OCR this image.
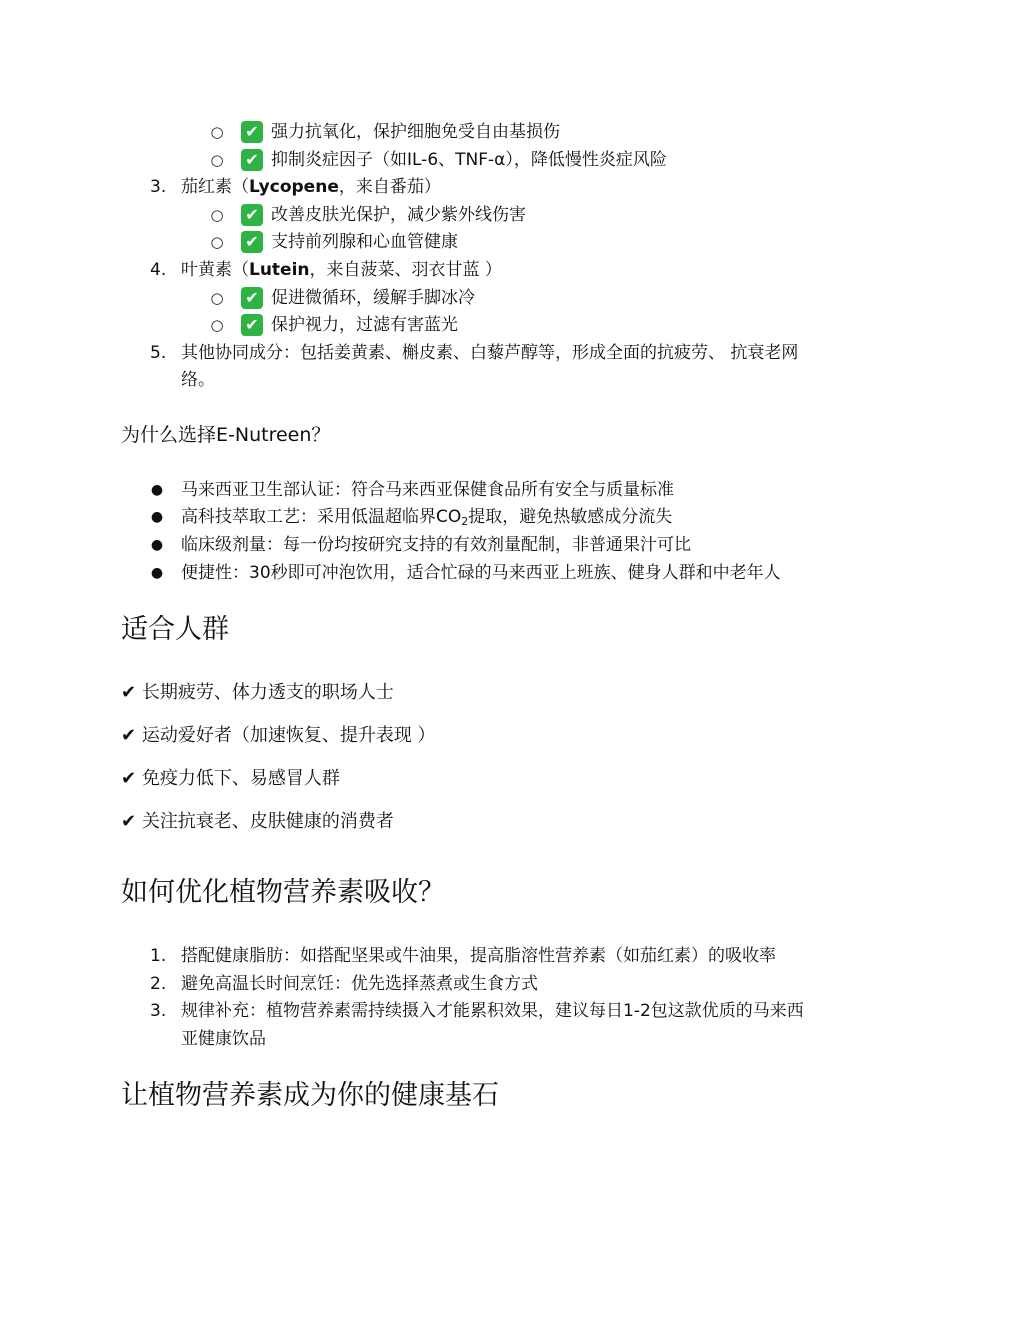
○ ✔ 强力抗氧化，保护细胞免受自由基损伤
○ ✔ 抑制炎症因子（如IL-6、TNF-α），降低慢性炎症风险
3. 茄红素（Lycopene，来自番茄）
○ ✔ 改善皮肤光保护，减少紫外线伤害
○ ✔ 支持前列腺和心血管健康
4. 叶黄素（Lutein，来自菠菜、羽衣甘蓝 ）
○ ✔ 促进微循环，缓解手脚冰冷
○ ✔ 保护视力，过滤有害蓝光
5. 其他协同成分：包括姜黄素、槲皮素、白藜芦醇等，形成全面的抗疲劳、 抗衰老网
络。
为什么选择E-Nutreen？
● 马来西亚卫生部认证：符合马来西亚保健食品所有安全与质量标准
● 高科技萃取工艺：采用低温超临界$CO_2$提取，避免热敏感成分流失
● 临床级剂量：每一份均按研究支持的有效剂量配制，非普通果汁可比
● 便捷性：30秒即可冲泡饮用，适合忙碌的马来西亚上班族、健身人群和中老年人
适合人群
✔ 长期疲劳、体力透支的职场人士
✔ 运动爱好者（加速恢复、提升表现 ）
✔ 免疫力低下、易感冒人群
✔ 关注抗衰老、皮肤健康的消费者
如何优化植物营养素吸收？
1. 搭配健康脂肪：如搭配坚果或牛油果，提高脂溶性营养素（如茄红素）的吸收率
2. 避免高温长时间烹饪：优先选择蒸煮或生食方式
3. 规律补充：植物营养素需持续摄入才能累积效果，建议每日1-2包这款优质的马来西
亚健康饮品
让植物营养素成为你的健康基石
